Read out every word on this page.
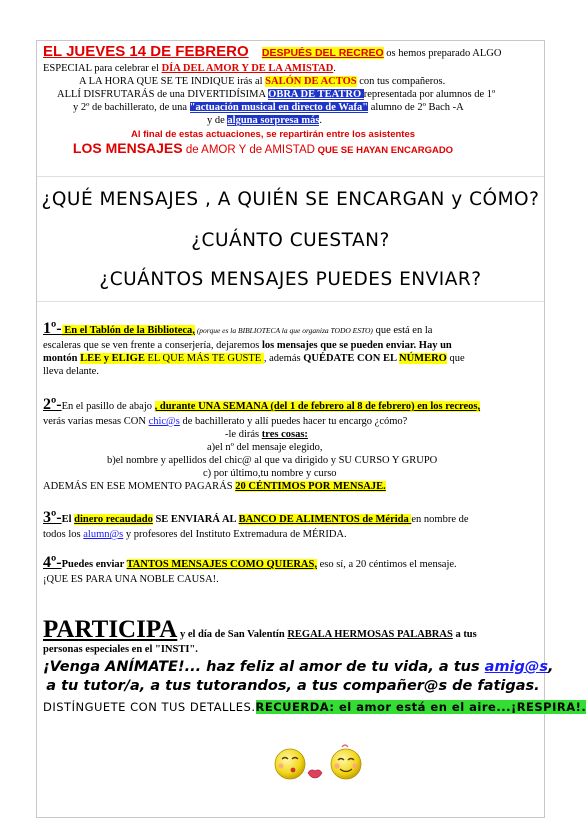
EL JUEVES 14 DE FEBRERO DESPUÉS DEL RECREO os hemos preparado ALGO
ESPECIAL para celebrar el DÍA DEL AMOR Y DE LA AMISTAD.
A LA HORA QUE SE TE INDIQUE irás al SALÓN DE ACTOS con tus compañeros.
ALLÍ DISFRUTARÁS de una DIVERTIDÍSIMA OBRA DE TEATRO representada por alumnos de 1º
y 2º de bachillerato, de una "actuación musical en directo de Wafa" alumno de 2º Bach -A
y de alguna sorpresa más.
Al final de estas actuaciones, se repartirán entre los asistentes
LOS MENSAJES de AMOR Y de AMISTAD QUE SE HAYAN ENCARGADO
¿QUÉ MENSAJES , A QUIÉN SE ENCARGAN y CÓMO?
¿CUÁNTO CUESTAN?
¿CUÁNTOS MENSAJES PUEDES ENVIAR?
1º- En el Tablón de la Biblioteca, (porque es la BIBLIOTECA la que organiza TODO ESTO) que está en la
escaleras que se ven frente a conserjería, dejaremos los mensajes que se pueden enviar. Hay un
montón LEE y ELIGE EL QUE MÁS TE GUSTE , además QUÉDATE CON EL NÚMERO que
lleva delante.
2º-En el pasillo de abajo , durante UNA SEMANA (del 1 de febrero al 8 de febrero) en los recreos,
verás varias mesas CON chic@s de bachillerato y allí puedes hacer tu encargo ¿cómo?
-le dirás tres cosas:
a)el nº del mensaje elegido,
b)el nombre y apellidos del chic@ al que va dirigido y SU CURSO Y GRUPO
c) por último,tu nombre y curso
ADEMÁS EN ESE MOMENTO PAGARÁS 20 CÉNTIMOS POR MENSAJE.
3º-El dinero recaudado SE ENVIARÁ AL BANCO DE ALIMENTOS de Mérida en nombre de
todos los alumn@s y profesores del Instituto Extremadura de MÉRIDA.
4º-Puedes enviar TANTOS MENSAJES COMO QUIERAS, eso sí, a 20 céntimos el mensaje.
¡QUE ES PARA UNA NOBLE CAUSA!.
PARTICIPA y el día de San Valentín REGALA HERMOSAS PALABRAS a tus
personas especiales en el "INSTI".
¡Venga ANÍMATE!... haz feliz al amor de tu vida, a tus amig@s,
a tu tutor/a, a tus tutorandos, a tus compañer@s de fatigas.
DISTÍNGUETE CON TUS DETALLES.RECUERDA: el amor está en el aire...¡RESPIRA!.
